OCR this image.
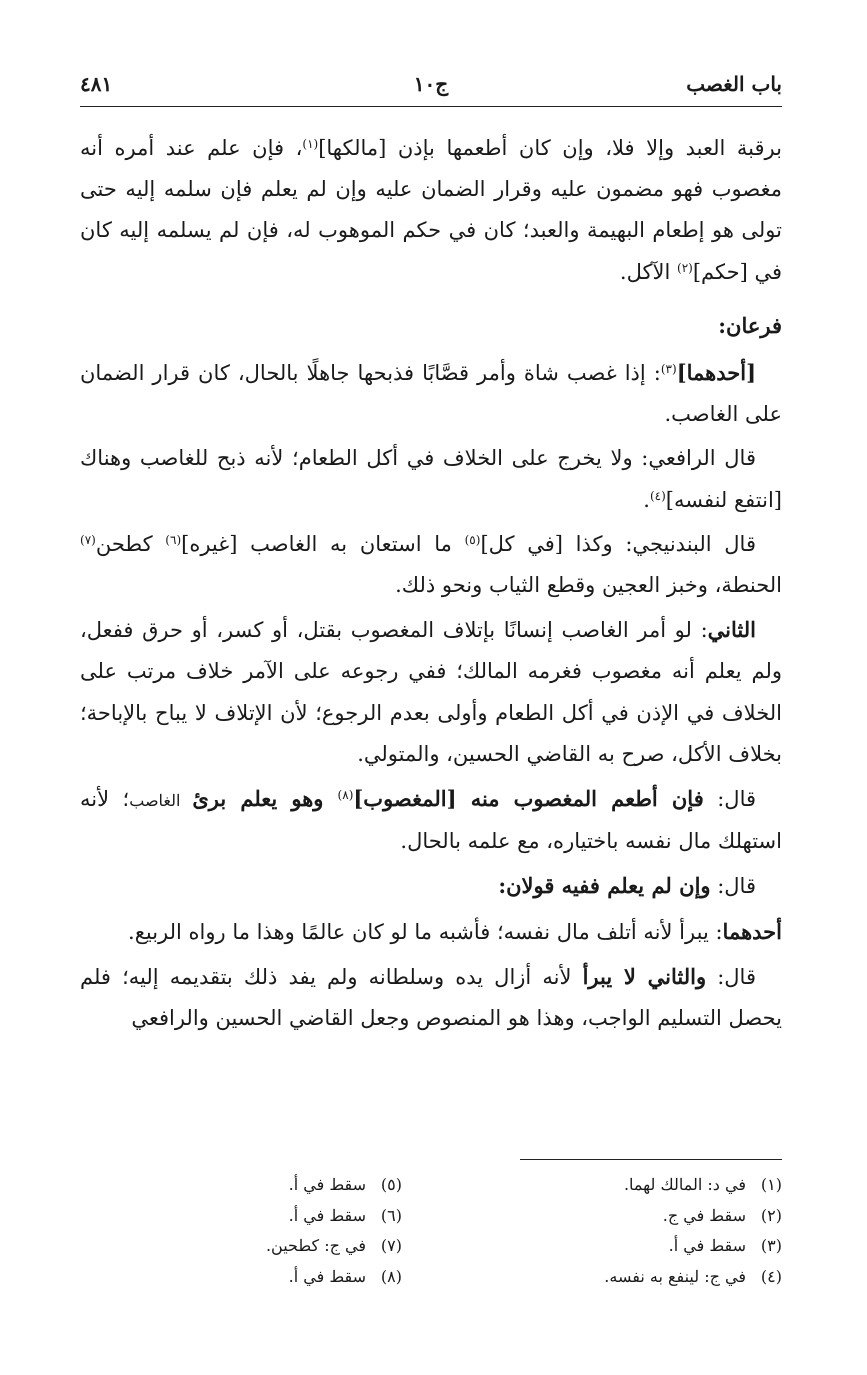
باب الغصب
ج١٠
٤٨١

برقبة العبد وإلا فلا، وإن كان أطعمها بإذن [مالكها]$^{(١)}$، فإن علم عند أمره أنه مغصوب فهو مضمون عليه وقرار الضمان عليه وإن لم يعلم فإن سلمه إليه حتى تولى هو إطعام البهيمة والعبد؛ كان في حكم الموهوب له، فإن لم يسلمه إليه كان في [حكم]$^{(٢)}$ الآكل.

فرعان:

[أحدهما]$^{(٣)}$: إذا غصب شاة وأمر قصَّابًا فذبحها جاهلًا بالحال، كان قرار الضمان على الغاصب.

قال الرافعي: ولا يخرج على الخلاف في أكل الطعام؛ لأنه ذبح للغاصب وهناك [انتفع لنفسه]$^{(٤)}$.

قال البندنيجي: وكذا [في كل]$^{(٥)}$ ما استعان به الغاصب [غيره]$^{(٦)}$ كطحن$^{(٧)}$ الحنطة، وخبز العجين وقطع الثياب ونحو ذلك.

الثاني: لو أمر الغاصب إنسانًا بإتلاف المغصوب بقتل، أو كسر، أو حرق ففعل، ولم يعلم أنه مغصوب فغرمه المالك؛ ففي رجوعه على الآمر خلاف مرتب على الخلاف في الإذن في أكل الطعام وأولى بعدم الرجوع؛ لأن الإتلاف لا يباح بالإباحة؛ بخلاف الأكل، صرح به القاضي الحسين، والمتولي.

قال: فإن أطعم المغصوب منه [المغصوب]$^{(٨)}$ وهو يعلم برئ الغاصب؛ لأنه استهلك مال نفسه باختياره، مع علمه بالحال.

قال: وإن لم يعلم ففيه قولان:

أحدهما: يبرأ لأنه أتلف مال نفسه؛ فأشبه ما لو كان عالمًا وهذا ما رواه الربيع.

قال: والثاني لا يبرأ لأنه أزال يده وسلطانه ولم يفد ذلك بتقديمه إليه؛ فلم يحصل التسليم الواجب، وهذا هو المنصوص وجعل القاضي الحسين والرافعي

(١)في د: المالك لهما.
(٢)سقط في ج.
(٣)سقط في أ.
(٤)في ج: لينفع به نفسه.
(٥)سقط في أ.
(٦)سقط في أ.
(٧)في ج: كطحين.
(٨)سقط في أ.
